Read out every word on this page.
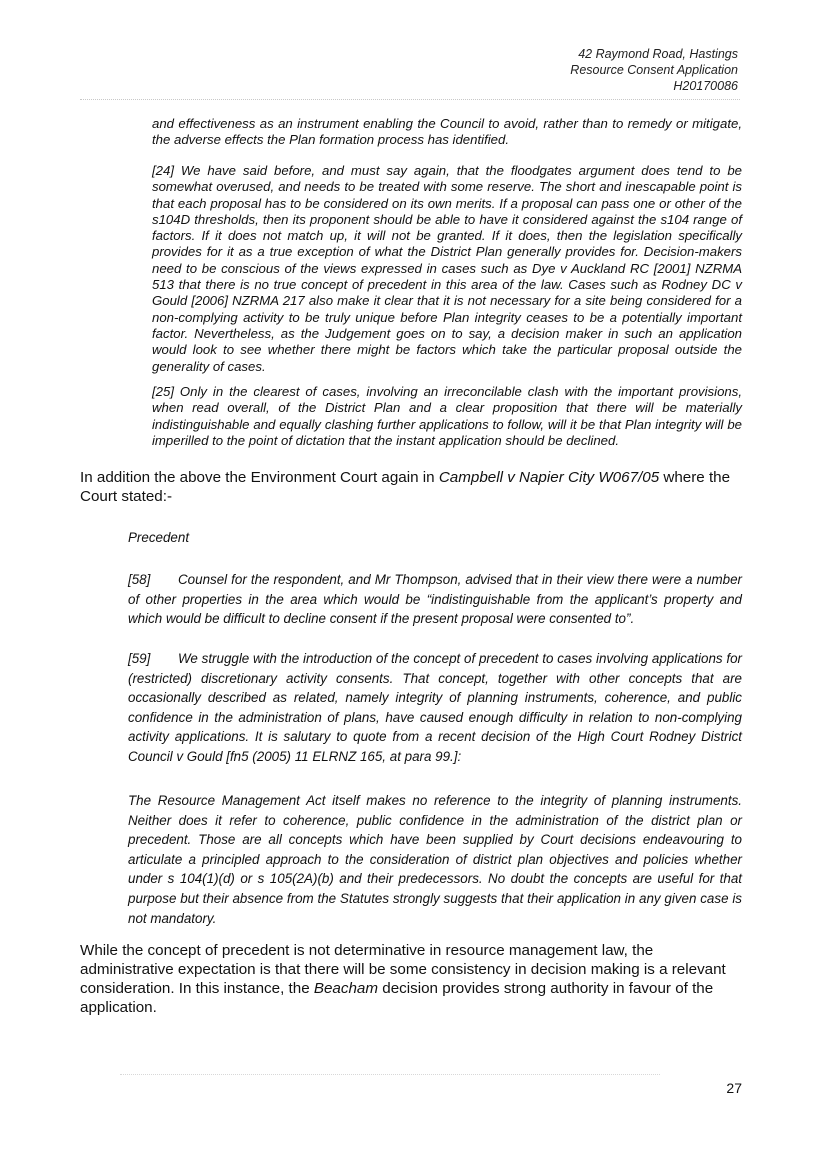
42 Raymond Road, Hastings
Resource Consent Application
H20170086

and effectiveness as an instrument enabling the Council to avoid, rather than to remedy or mitigate, the adverse effects the Plan formation process has identified.

[24] We have said before, and must say again, that the floodgates argument does tend to be somewhat overused, and needs to be treated with some reserve. The short and inescapable point is that each proposal has to be considered on its own merits. If a proposal can pass one or other of the s104D thresholds, then its proponent should be able to have it considered against the s104 range of factors. If it does not match up, it will not be granted. If it does, then the legislation specifically provides for it as a true exception of what the District Plan generally provides for. Decision-makers need to be conscious of the views expressed in cases such as Dye v Auckland RC [2001] NZRMA 513 that there is no true concept of precedent in this area of the law. Cases such as Rodney DC v Gould [2006] NZRMA 217 also make it clear that it is not necessary for a site being considered for a non-complying activity to be truly unique before Plan integrity ceases to be a potentially important factor. Nevertheless, as the Judgement goes on to say, a decision maker in such an application would look to see whether there might be factors which take the particular proposal outside the generality of cases.

[25] Only in the clearest of cases, involving an irreconcilable clash with the important provisions, when read overall, of the District Plan and a clear proposition that there will be materially indistinguishable and equally clashing further applications to follow, will it be that Plan integrity will be imperilled to the point of dictation that the instant application should be declined.

In addition the above the Environment Court again in Campbell v Napier City W067/05 where the Court stated:-

Precedent

[58] Counsel for the respondent, and Mr Thompson, advised that in their view there were a number of other properties in the area which would be “indistinguishable from the applicant’s property and which would be difficult to decline consent if the present proposal were consented to”.

[59] We struggle with the introduction of the concept of precedent to cases involving applications for (restricted) discretionary activity consents. That concept, together with other concepts that are occasionally described as related, namely integrity of planning instruments, coherence, and public confidence in the administration of plans, have caused enough difficulty in relation to non-complying activity applications. It is salutary to quote from a recent decision of the High Court Rodney District Council v Gould [fn5 (2005) 11 ELRNZ 165, at para 99.]:

The Resource Management Act itself makes no reference to the integrity of planning instruments. Neither does it refer to coherence, public confidence in the administration of the district plan or precedent. Those are all concepts which have been supplied by Court decisions endeavouring to articulate a principled approach to the consideration of district plan objectives and policies whether under s 104(1)(d) or s 105(2A)(b) and their predecessors. No doubt the concepts are useful for that purpose but their absence from the Statutes strongly suggests that their application in any given case is not mandatory.

While the concept of precedent is not determinative in resource management law, the administrative expectation is that there will be some consistency in decision making is a relevant consideration. In this instance, the Beacham decision provides strong authority in favour of the application.

27
